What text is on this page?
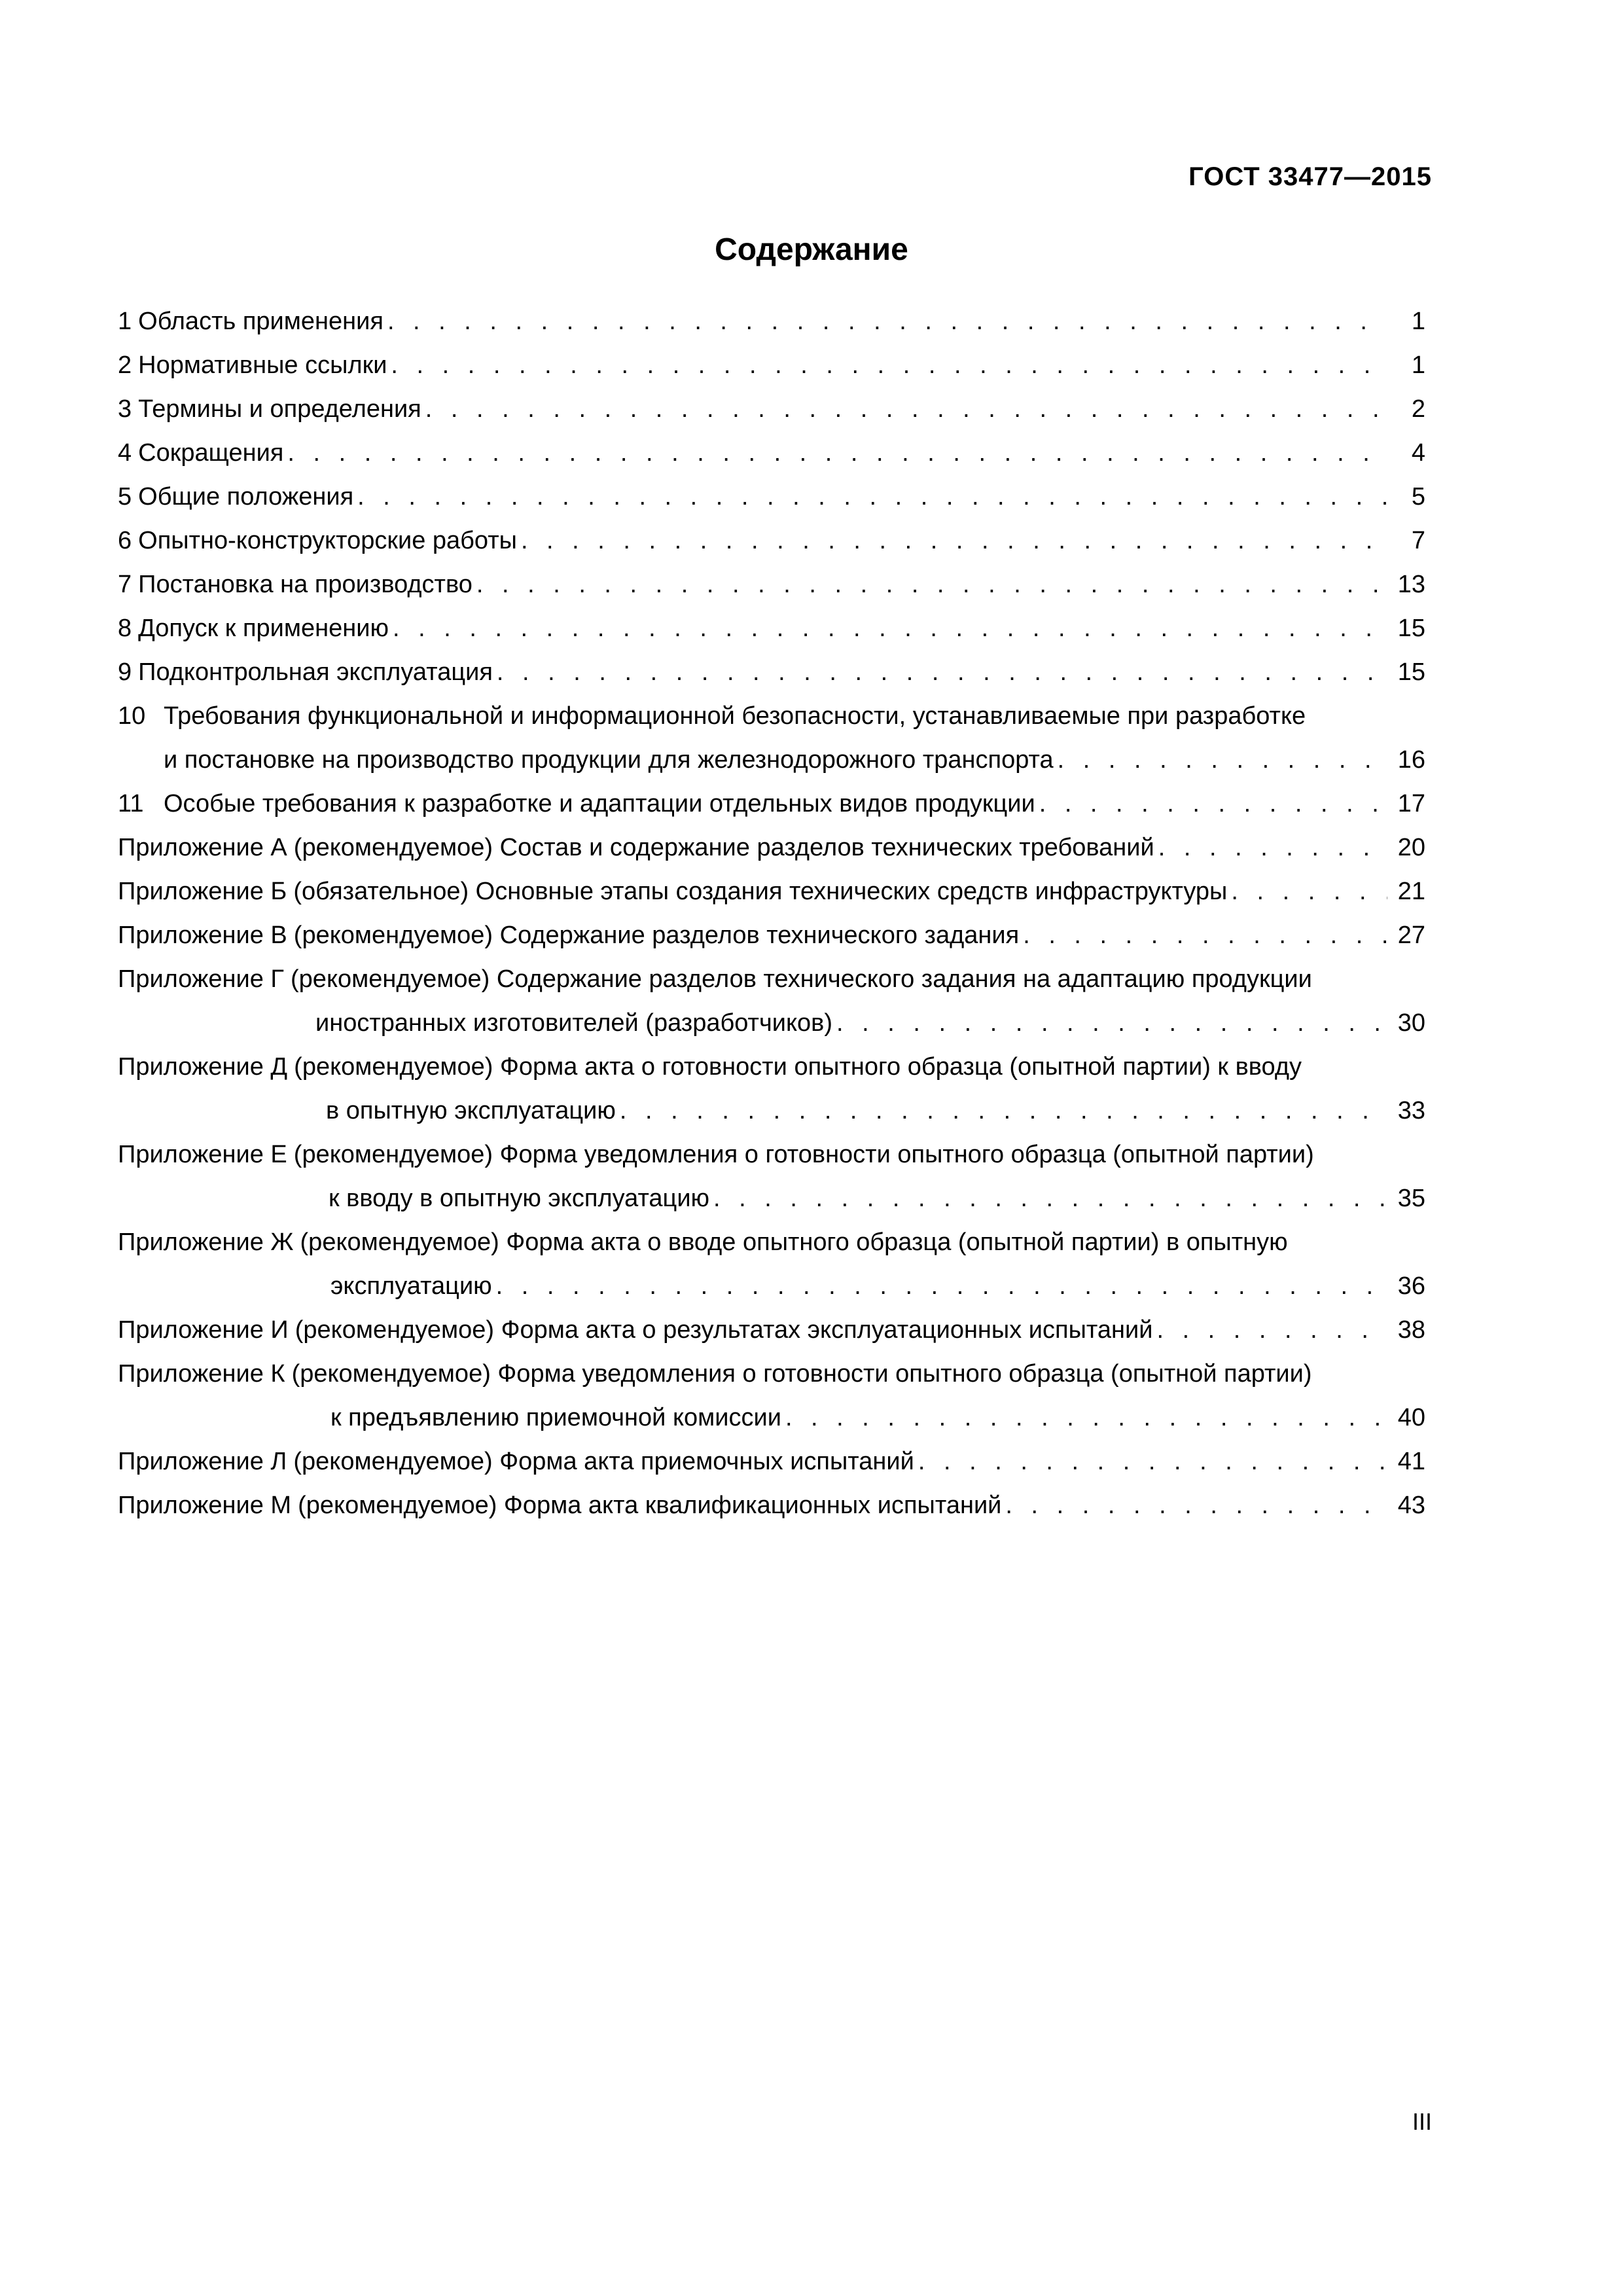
ГОСТ 33477—2015
Содержание
1 Область применения . . .	1
2 Нормативные ссылки . . .	1
3 Термины и определения . . .	2
4 Сокращения . . .	4
5 Общие положения . . .	5
6 Опытно-конструкторские работы . . .	7
7 Постановка на производство . . .	13
8 Допуск к применению . . .	15
9 Подконтрольная эксплуатация . . .	15
10 Требования функциональной и информационной безопасности, устанавливаемые при разработке
и постановке на производство продукции для железнодорожного транспорта . . .	16
11 Особые требования к разработке и адаптации отдельных видов продукции . . .	17
Приложение А (рекомендуемое) Состав и содержание разделов технических требований . . .	20
Приложение Б (обязательное) Основные этапы создания технических средств инфраструктуры . . .	21
Приложение В (рекомендуемое) Содержание разделов технического задания . . .	27
Приложение Г (рекомендуемое) Содержание разделов технического задания на адаптацию продукции
иностранных изготовителей (разработчиков) . . .	30
Приложение Д (рекомендуемое) Форма акта о готовности опытного образца (опытной партии) к вводу
в опытную эксплуатацию . . .	33
Приложение Е (рекомендуемое) Форма уведомления о готовности опытного образца (опытной партии)
к вводу в опытную эксплуатацию . . .	35
Приложение Ж (рекомендуемое) Форма акта о вводе опытного образца (опытной партии) в опытную
эксплуатацию . . .	36
Приложение И (рекомендуемое) Форма акта о результатах эксплуатационных испытаний . . .	38
Приложение К (рекомендуемое) Форма уведомления о готовности опытного образца (опытной партии)
к предъявлению приемочной комиссии . . .	40
Приложение Л (рекомендуемое) Форма акта приемочных испытаний . . .	41
Приложение М (рекомендуемое) Форма акта квалификационных испытаний . . .	43
III
